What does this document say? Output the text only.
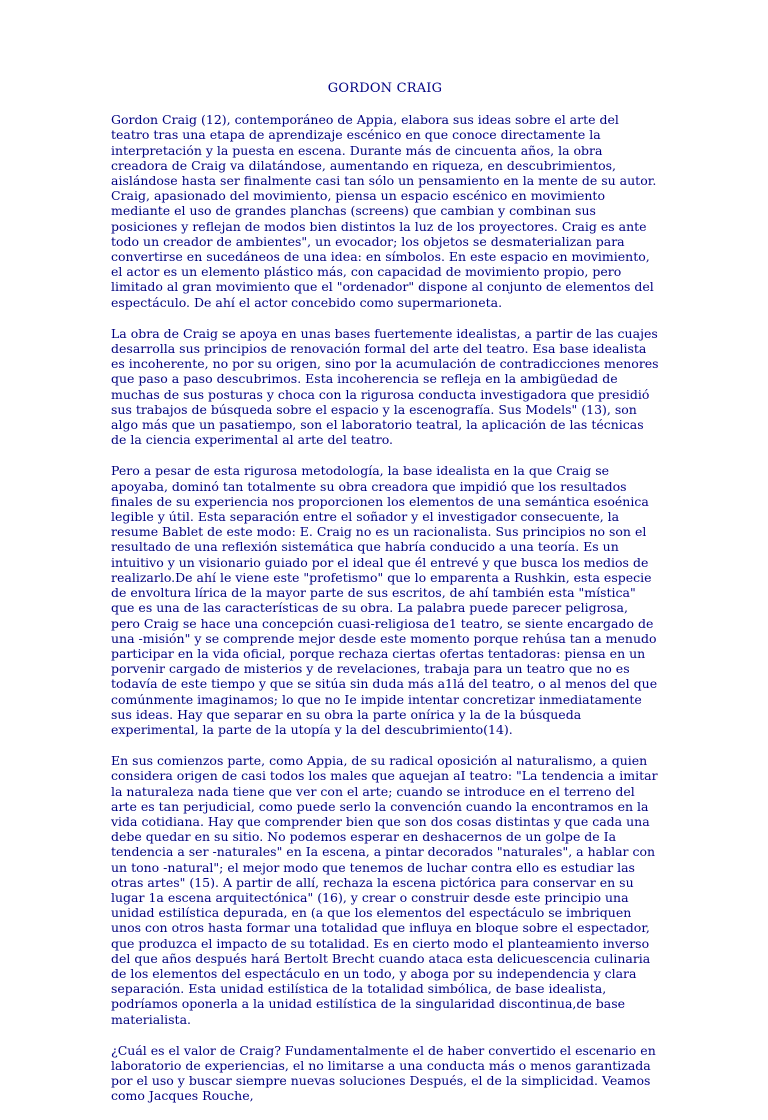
GORDON CRAIG

Gordon Craig (12), contemporáneo de Appia, elabora sus ideas sobre el arte del teatro tras una etapa de aprendizaje escénico en que conoce directamente la interpretación y la puesta en escena. Durante más de cincuenta años, la obra creadora de Craig va dilatándose, aumentando en riqueza, en descubrimientos, aislándose hasta ser finalmente casi tan sólo un pensamiento en la mente de su autor. Craig, apasionado del movimiento, piensa un espacio escénico en movimiento mediante el uso de grandes planchas (screens) que cambian y combinan sus posiciones y reflejan de modos bien distintos la luz de los proyectores. Craig es ante todo un creador de ambientes", un evocador; los objetos se desmaterializan para convertirse en sucedáneos de una idea: en símbolos. En este espacio en movimiento, el actor es un elemento plástico más, con capacidad de movimiento propio, pero limitado al gran movimiento que el "ordenador" dispone al conjunto de elementos del espectáculo. De ahí el actor concebido como supermarioneta.

La obra de Craig se apoya en unas bases fuertemente idealistas, a partir de las cuajes desarrolla sus principios de renovación formal del arte del teatro. Esa base idealista es incoherente, no por su origen, sino por la acumulación de contradicciones menores que paso a paso descubrimos. Esta incoherencia se refleja en la ambigüedad de muchas de sus posturas y choca con la rigurosa conducta investigadora que presidió sus trabajos de búsqueda sobre el espacio y la escenografía. Sus Models" (13), son algo más que un pasatiempo, son el laboratorio teatral, la aplicación de las técnicas de la ciencia experimental al arte del teatro.

Pero a pesar de esta rigurosa metodología, la base idealista en la que Craig se apoyaba, dominó tan totalmente su obra creadora que impidió que los resultados finales de su experiencia nos proporcionen los elementos de una semántica esoénica legible y útil. Esta separación entre el soñador y el investigador consecuente, la resume Bablet de este modo: E. Craig no es un racionalista. Sus principios no son el resultado de una reflexión sistemática que habría conducido a una teoría. Es un intuitivo y un visionario guiado por el ideal que él entrevé y que busca los medios de realizarlo.De ahí le viene este "profetismo" que lo emparenta a Rushkin, esta especie de envoltura lírica de la mayor parte de sus escritos, de ahí también esta "mística" que es una de las características de su obra. La palabra puede parecer peligrosa, pero Craig se hace una concepción cuasi-religiosa de1 teatro, se siente encargado de una -misión" y se comprende mejor desde este momento porque rehúsa tan a menudo participar en la vida oficial, porque rechaza ciertas ofertas tentadoras: piensa en un porvenir cargado de misterios y de revelaciones, trabaja para un teatro que no es todavía de este tiempo y que se sitúa sin duda más a1lá del teatro, o al menos del que comúnmente imaginamos; lo que no Ie impide intentar concretizar inmediatamente sus ideas. Hay que separar en su obra la parte onírica y la de la búsqueda experimental, la parte de la utopía y la del descubrimiento(14).

En sus comienzos parte, como Appia, de su radical oposición al naturalismo, a quien considera origen de casi todos los males que aquejan aI teatro: "La tendencia a imitar la naturaleza nada tiene que ver con el arte; cuando se introduce en el terreno del arte es tan perjudicial, como puede serlo la convención cuando la encontramos en la vida cotidiana. Hay que comprender bien que son dos cosas distintas y que cada una debe quedar en su sitio. No podemos esperar en deshacernos de un golpe de Ia tendencia a ser -naturales" en Ia escena, a pintar decorados "naturales", a hablar con un tono -natural"; el mejor modo que tenemos de luchar contra ello es estudiar las otras artes" (15). A partir de allí, rechaza la escena pictórica para conservar en su lugar 1a escena arquitectónica" (16), y crear o construir desde este principio una unidad estilística depurada, en (a que los elementos del espectáculo se imbriquen unos con otros hasta formar una totalidad que influya en bloque sobre el espectador, que produzca el impacto de su totalidad. Es en cierto modo el planteamiento inverso del que años después hará Bertolt Brecht cuando ataca esta delicuescencia culinaria de los elementos del espectáculo en un todo, y aboga por su independencia y clara separación. Esta unidad estilística de la totalidad simbólica, de base idealista, podríamos oponerla a la unidad estilística de la singularidad discontinua,de base materialista.

¿Cuál es el valor de Craig? Fundamentalmente el de haber convertido el escenario en laboratorio de experiencias, el no limitarse a una conducta más o menos garantizada por el uso y buscar siempre nuevas soluciones Después, el de la simplicidad. Veamos como Jacques Rouche,
